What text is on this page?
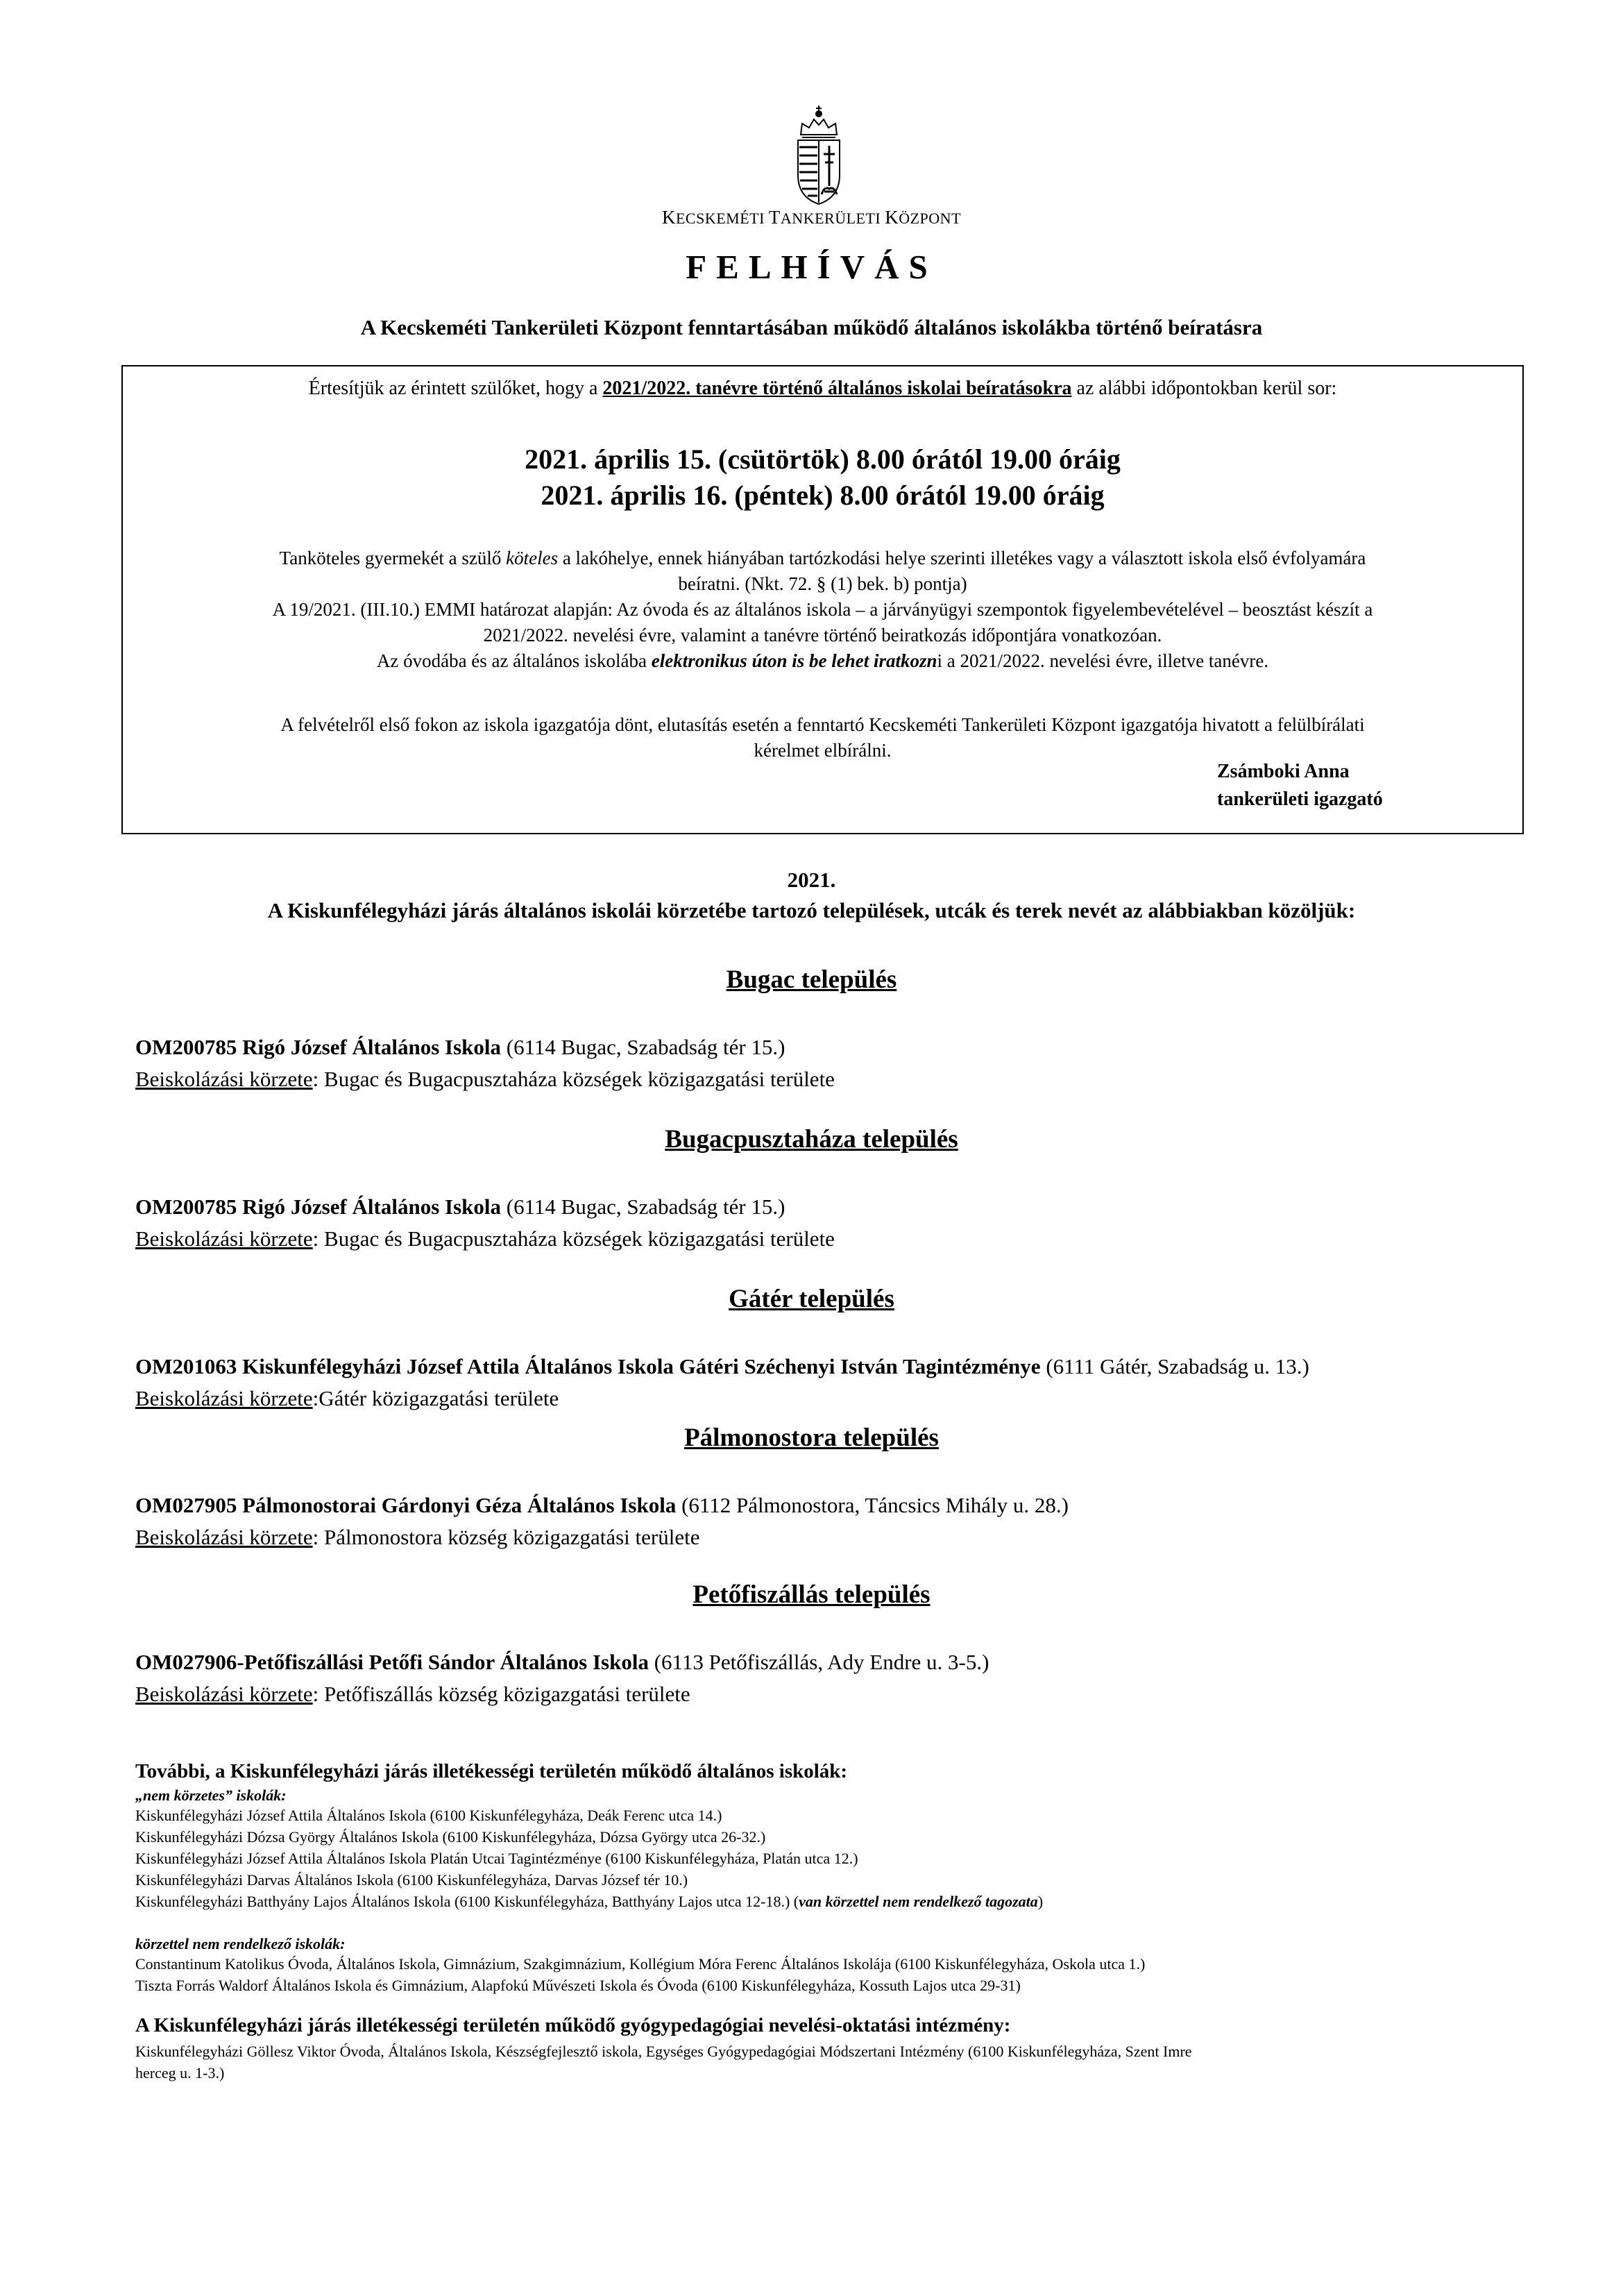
KECSKEMÉTI TANKERÜLETI KÖZPONT
FELHÍVÁS
A Kecskeméti Tankerületi Központ fenntartásában működő általános iskolákba történő beíratásra
Értesítjük az érintett szülőket, hogy a 2021/2022. tanévre történő általános iskolai beíratásokra az alábbi időpontokban kerül sor:
2021. április 15. (csütörtök) 8.00 órától 19.00 óráig
2021. április 16. (péntek) 8.00 órától 19.00 óráig
Tanköteles gyermekét a szülő köteles a lakóhelye, ennek hiányában tartózkodási helye szerinti illetékes vagy a választott iskola első évfolyamára
beíratni. (Nkt. 72. § (1) bek. b) pontja)
A 19/2021. (III.10.) EMMI határozat alapján: Az óvoda és az általános iskola – a járványügyi szempontok figyelembevételével – beosztást készít a
2021/2022. nevelési évre, valamint a tanévre történő beiratkozás időpontjára vonatkozóan.
Az óvodába és az általános iskolába elektronikus úton is be lehet iratkozni a 2021/2022. nevelési évre, illetve tanévre.
A felvételről első fokon az iskola igazgatója dönt, elutasítás esetén a fenntartó Kecskeméti Tankerületi Központ igazgatója hivatott a felülbírálati
kérelmet elbírálni.
Zsámboki Anna
tankerületi igazgató
2021.
A Kiskunfélegyházi járás általános iskolái körzetébe tartozó települések, utcák és terek nevét az alábbiakban közöljük:
Bugac település
OM200785 Rigó József Általános Iskola (6114 Bugac, Szabadság tér 15.)
Beiskolázási körzete: Bugac és Bugacpusztaháza községek közigazgatási területe
Bugacpusztaháza település
OM200785 Rigó József Általános Iskola (6114 Bugac, Szabadság tér 15.)
Beiskolázási körzete: Bugac és Bugacpusztaháza községek közigazgatási területe
Gátér település
OM201063 Kiskunfélegyházi József Attila Általános Iskola Gátéri Széchenyi István Tagintézménye (6111 Gátér, Szabadság u. 13.)
Beiskolázási körzete:Gátér közigazgatási területe
Pálmonostora település
OM027905 Pálmonostorai Gárdonyi Géza Általános Iskola (6112 Pálmonostora, Táncsics Mihály u. 28.)
Beiskolázási körzete: Pálmonostora község közigazgatási területe
Petőfiszállás település
OM027906-Petőfiszállási Petőfi Sándor Általános Iskola (6113 Petőfiszállás, Ady Endre u. 3-5.)
Beiskolázási körzete: Petőfiszállás község közigazgatási területe
További, a Kiskunfélegyházi járás illetékességi területén működő általános iskolák:
„nem körzetes” iskolák:
Kiskunfélegyházi József Attila Általános Iskola (6100 Kiskunfélegyháza, Deák Ferenc utca 14.)
Kiskunfélegyházi Dózsa György Általános Iskola (6100 Kiskunfélegyháza, Dózsa György utca 26-32.)
Kiskunfélegyházi József Attila Általános Iskola Platán Utcai Tagintézménye (6100 Kiskunfélegyháza, Platán utca 12.)
Kiskunfélegyházi Darvas Általános Iskola (6100 Kiskunfélegyháza, Darvas József tér 10.)
Kiskunfélegyházi Batthyány Lajos Általános Iskola (6100 Kiskunfélegyháza, Batthyány Lajos utca 12-18.) (van körzettel nem rendelkező tagozata)
körzettel nem rendelkező iskolák:
Constantinum Katolikus Óvoda, Általános Iskola, Gimnázium, Szakgimnázium, Kollégium Móra Ferenc Általános Iskolája (6100 Kiskunfélegyháza, Oskola utca 1.)
Tiszta Forrás Waldorf Általános Iskola és Gimnázium, Alapfokú Művészeti Iskola és Óvoda (6100 Kiskunfélegyháza, Kossuth Lajos utca 29-31)
A Kiskunfélegyházi járás illetékességi területén működő gyógypedagógiai nevelési-oktatási intézmény:
Kiskunfélegyházi Göllesz Viktor Óvoda, Általános Iskola, Készségfejlesztő iskola, Egységes Gyógypedagógiai Módszertani Intézmény (6100 Kiskunfélegyháza, Szent Imre
herceg u. 1-3.)
